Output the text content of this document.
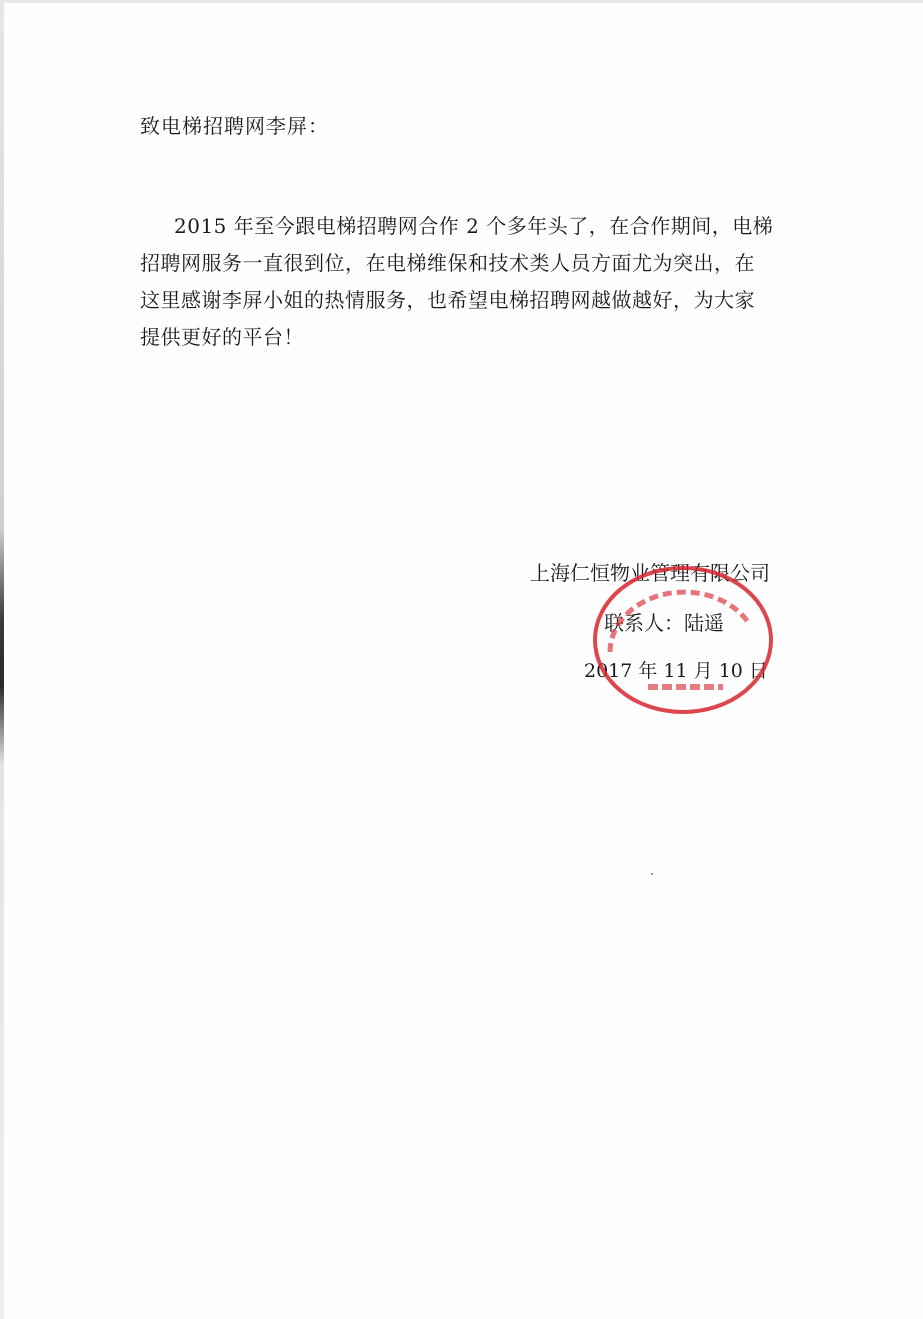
致电梯招聘网李屏：
2015 年至今跟电梯招聘网合作 2 个多年头了，在合作期间，电梯
招聘网服务一直很到位，在电梯维保和技术类人员方面尤为突出，在
这里感谢李屏小姐的热情服务，也希望电梯招聘网越做越好，为大家
提供更好的平台！
上海仁恒物业管理有限公司
联系人：陆遥
2017 年 11 月 10 日
